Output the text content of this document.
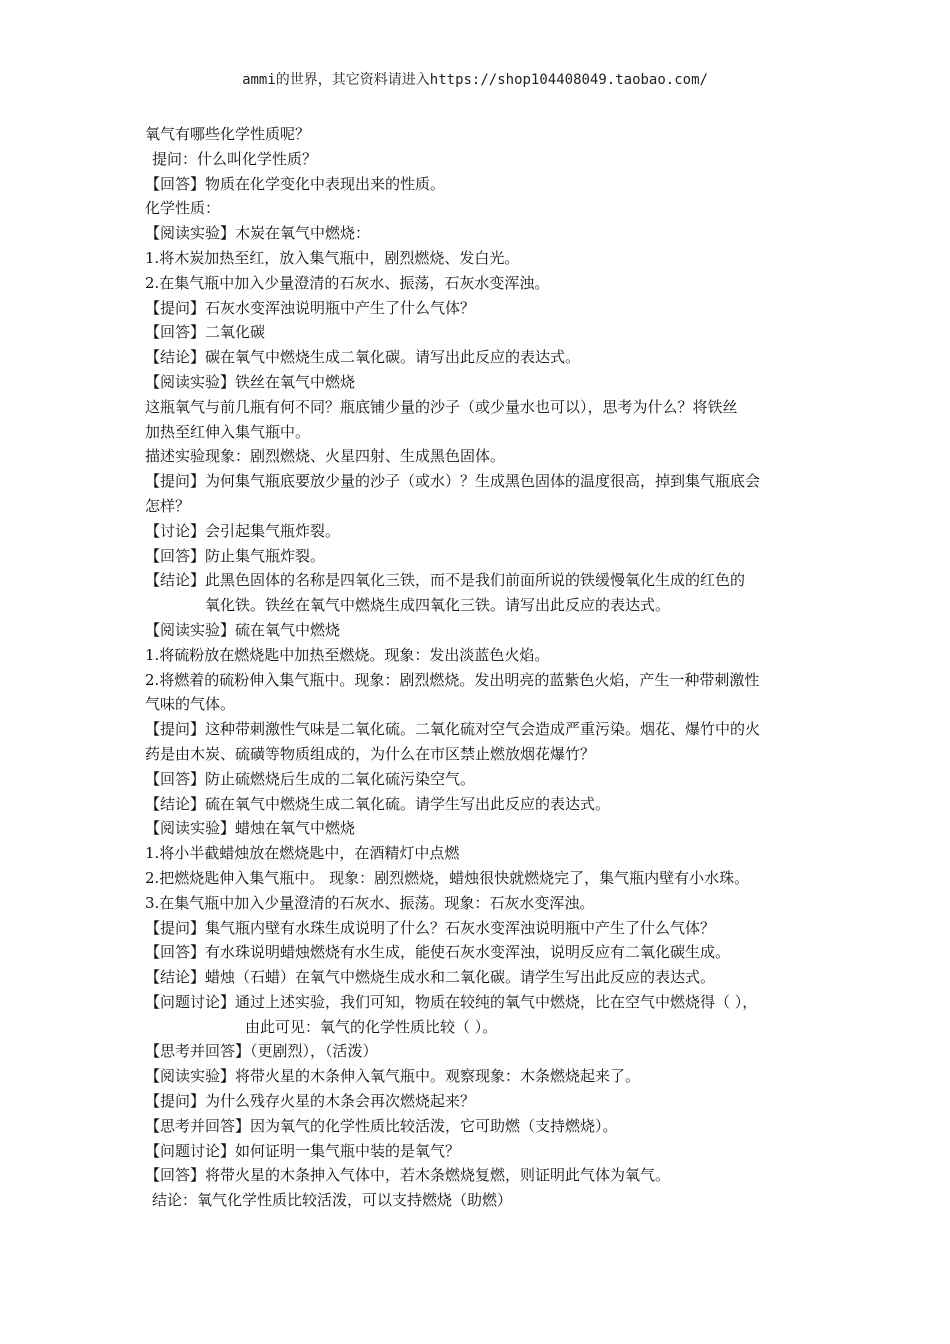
ammi的世界，其它资料请进入https://shop104408049.taobao.com/
氧气有哪些化学性质呢？
提问：什么叫化学性质？
【回答】物质在化学变化中表现出来的性质。
化学性质：
【阅读实验】木炭在氧气中燃烧：
1.将木炭加热至红，放入集气瓶中，剧烈燃烧、发白光。
2.在集气瓶中加入少量澄清的石灰水、振荡，石灰水变浑浊。
【提问】石灰水变浑浊说明瓶中产生了什么气体？
【回答】二氧化碳
【结论】碳在氧气中燃烧生成二氧化碳。请写出此反应的表达式。
【阅读实验】铁丝在氧气中燃烧
这瓶氧气与前几瓶有何不同？瓶底铺少量的沙子（或少量水也可以），思考为什么？将铁丝
加热至红伸入集气瓶中。
描述实验现象：剧烈燃烧、火星四射、生成黑色固体。
【提问】为何集气瓶底要放少量的沙子（或水）？生成黑色固体的温度很高，掉到集气瓶底会
怎样？
【讨论】会引起集气瓶炸裂。
【回答】防止集气瓶炸裂。
【结论】此黑色固体的名称是四氧化三铁，而不是我们前面所说的铁缓慢氧化生成的红色的
氧化铁。铁丝在氧气中燃烧生成四氧化三铁。请写出此反应的表达式。
【阅读实验】硫在氧气中燃烧
1.将硫粉放在燃烧匙中加热至燃烧。现象：发出淡蓝色火焰。
2.将燃着的硫粉伸入集气瓶中。现象：剧烈燃烧。发出明亮的蓝紫色火焰，产生一种带刺激性
气味的气体。
【提问】这种带刺激性气味是二氧化硫。二氧化硫对空气会造成严重污染。烟花、爆竹中的火
药是由木炭、硫磺等物质组成的，为什么在市区禁止燃放烟花爆竹？
【回答】防止硫燃烧后生成的二氧化硫污染空气。
【结论】硫在氧气中燃烧生成二氧化硫。请学生写出此反应的表达式。
【阅读实验】蜡烛在氧气中燃烧
1.将小半截蜡烛放在燃烧匙中，在酒精灯中点燃
2.把燃烧匙伸入集气瓶中。 现象：剧烈燃烧，蜡烛很快就燃烧完了，集气瓶内壁有小水珠。
3.在集气瓶中加入少量澄清的石灰水、振荡。现象：石灰水变浑浊。
【提问】集气瓶内壁有水珠生成说明了什么？石灰水变浑浊说明瓶中产生了什么气体？
【回答】有水珠说明蜡烛燃烧有水生成，能使石灰水变浑浊，说明反应有二氧化碳生成。
【结论】蜡烛（石蜡）在氧气中燃烧生成水和二氧化碳。请学生写出此反应的表达式。
【问题讨论】通过上述实验，我们可知，物质在较纯的氧气中燃烧，比在空气中燃烧得（ ），
由此可见：氧气的化学性质比较（ ）。
【思考并回答】（更剧烈），（活泼）
【阅读实验】将带火星的木条伸入氧气瓶中。观察现象：木条燃烧起来了。
【提问】为什么残存火星的木条会再次燃烧起来？
【思考并回答】因为氧气的化学性质比较活泼，它可助燃（支持燃烧）。
【问题讨论】如何证明一集气瓶中装的是氧气？
【回答】将带火星的木条抻入气体中，若木条燃烧复燃，则证明此气体为氧气。
结论：氧气化学性质比较活泼，可以支持燃烧（助燃）
